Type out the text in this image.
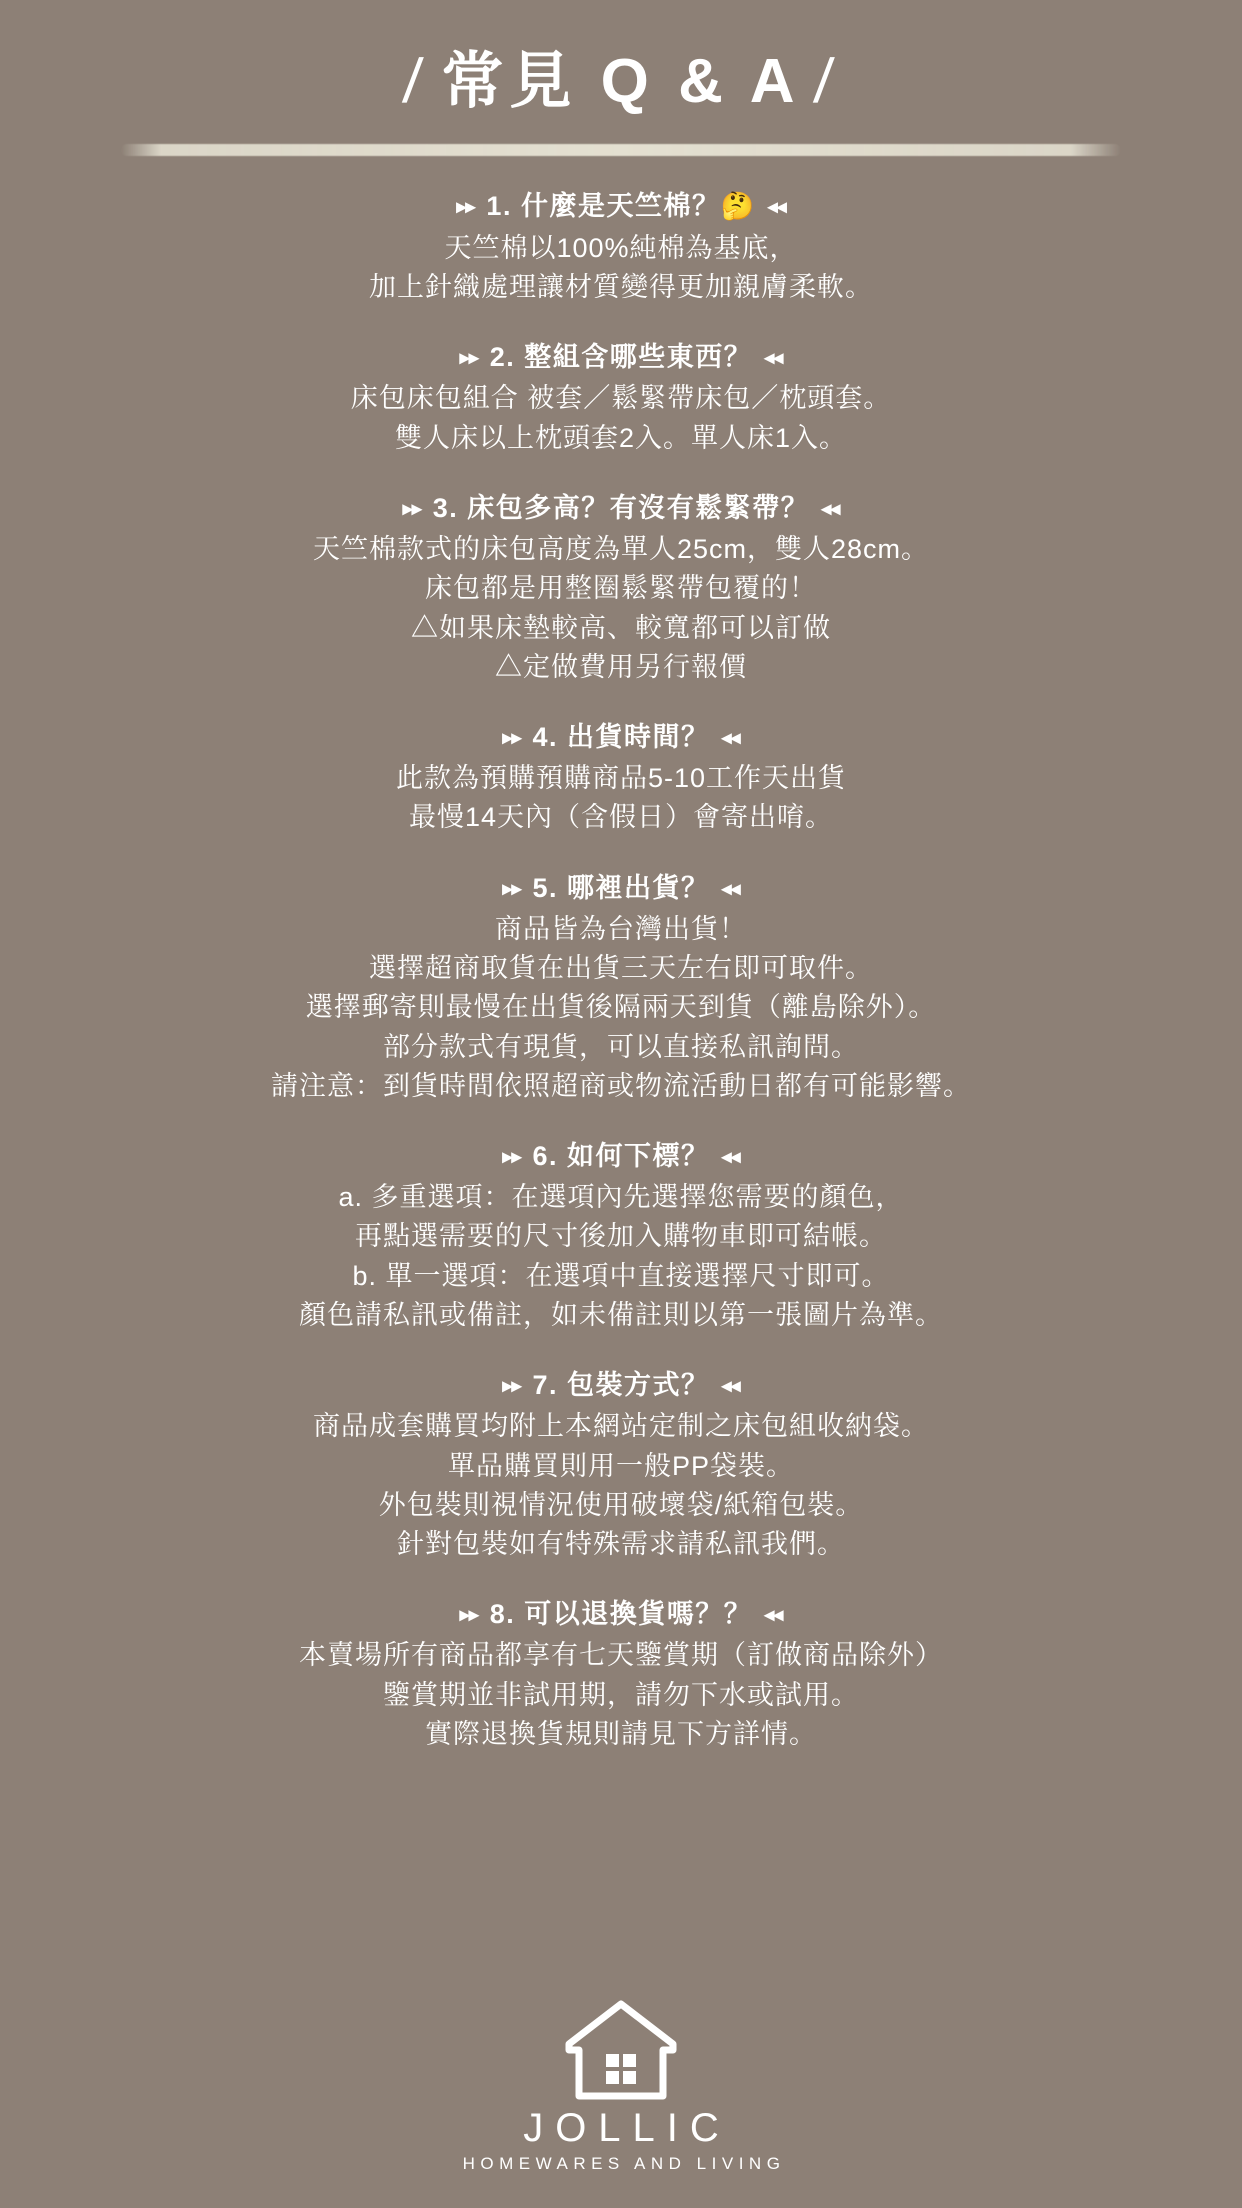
/ 常見 Q & A /
▸▸ 1. 什麼是天竺棉？🤔 ◂◂
天竺棉以100%純棉為基底，
加上針織處理讓材質變得更加親膚柔軟。
▸▸ 2. 整組含哪些東西？ ◂◂
床包床包組合 被套／鬆緊帶床包／枕頭套。
雙人床以上枕頭套2入。單人床1入。
▸▸ 3. 床包多高？有沒有鬆緊帶？ ◂◂
天竺棉款式的床包高度為單人25cm，雙人28cm。
床包都是用整圈鬆緊帶包覆的！
△如果床墊較高、較寬都可以訂做
△定做費用另行報價
▸▸ 4. 出貨時間？ ◂◂
此款為預購預購商品5-10工作天出貨
最慢14天內（含假日）會寄出唷。
▸▸ 5. 哪裡出貨？ ◂◂
商品皆為台灣出貨！
選擇超商取貨在出貨三天左右即可取件。
選擇郵寄則最慢在出貨後隔兩天到貨（離島除外）。
部分款式有現貨，可以直接私訊詢問。
請注意：到貨時間依照超商或物流活動日都有可能影響。
▸▸ 6. 如何下標？ ◂◂
a. 多重選項：在選項內先選擇您需要的顏色，
再點選需要的尺寸後加入購物車即可結帳。
b. 單一選項：在選項中直接選擇尺寸即可。
顏色請私訊或備註，如未備註則以第一張圖片為準。
▸▸ 7. 包裝方式？ ◂◂
商品成套購買均附上本網站定制之床包組收納袋。
單品購買則用一般PP袋裝。
外包裝則視情況使用破壞袋/紙箱包裝。
針對包裝如有特殊需求請私訊我們。
▸▸ 8. 可以退換貨嗎？？ ◂◂
本賣場所有商品都享有七天鑒賞期（訂做商品除外）
鑒賞期並非試用期，請勿下水或試用。
實際退換貨規則請見下方詳情。
JOLLIC
HOMEWARES AND LIVING
